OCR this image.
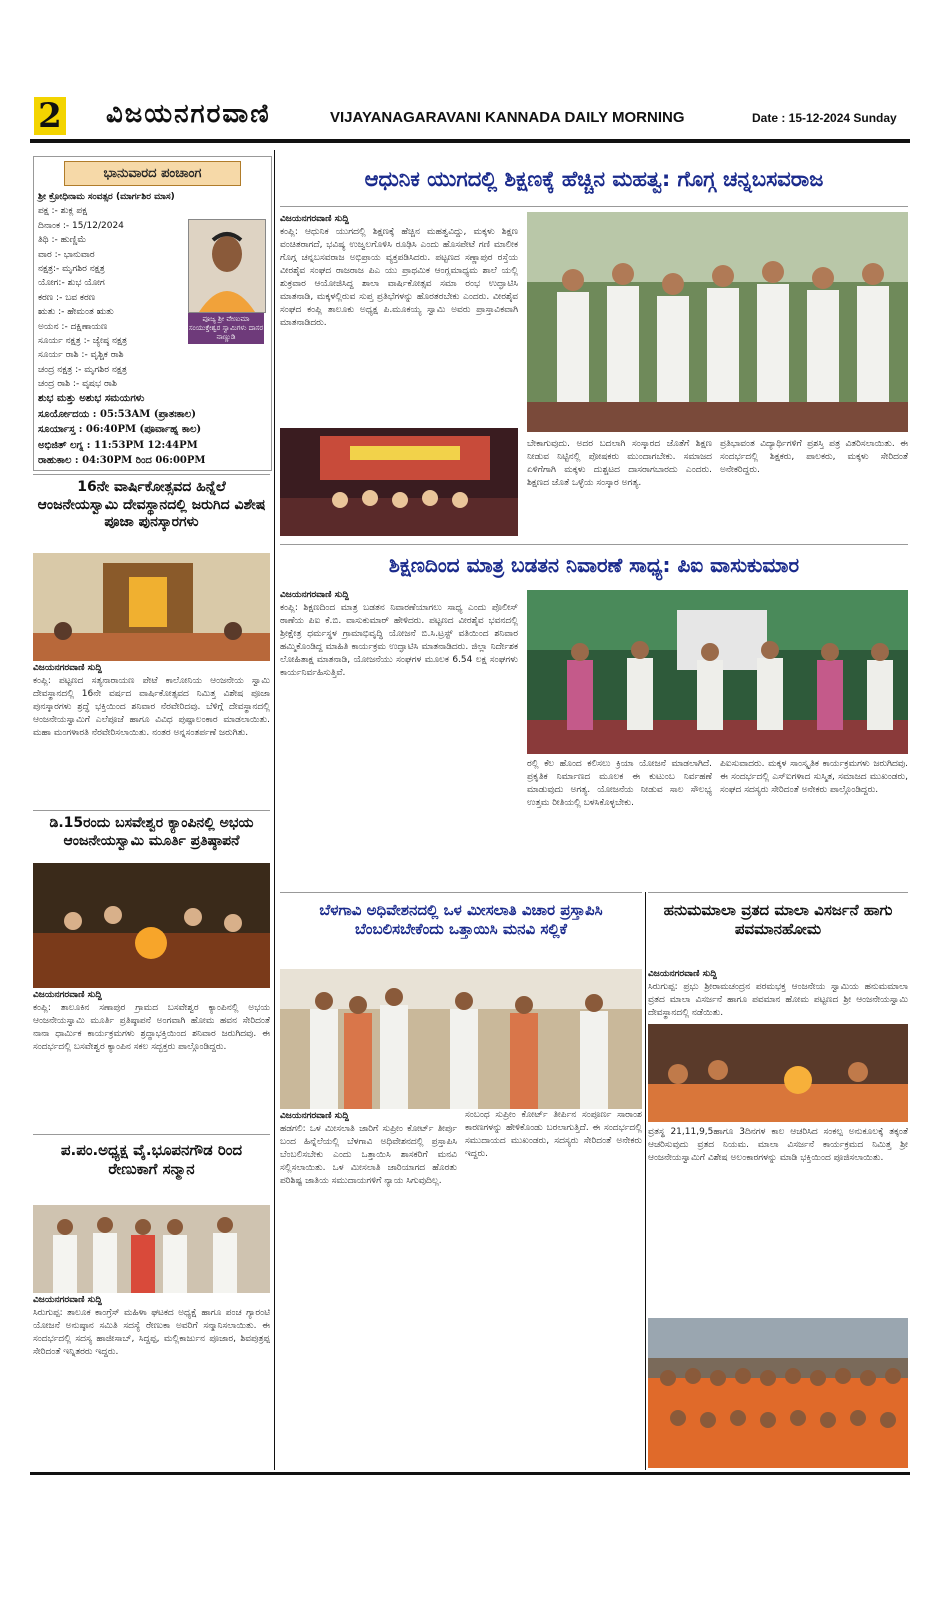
2 ವಿಜಯನಗರವಾಣಿ	VIJAYANAGARAVANI KANNADA DAILY MORNING	Date : 15-12-2024 Sunday
ಭಾನುವಾರದ ಪಂಚಾಂಗ

ಶ್ರೀ ಕ್ರೋಧಿನಾಮ ಸಂವತ್ಸರ (ಮಾರ್ಗಶಿರ ಮಾಸ)

ಪಕ್ಷ :- ಶುಕ್ಲ ಪಕ್ಷ

ದಿನಾಂಕ :- 15/12/2024

ತಿಥಿ :- ಹುಣ್ಣಿಮೆ

ವಾರ :- ಭಾನುವಾರ

ನಕ್ಷತ್ರ:- ಮೃಗಶಿರ ನಕ್ಷತ್ರ

ಯೋಗ:- ಶುಭ ಯೋಗ

ಕರಣ :- ಬವ ಕರಣ

ಋತು :- ಹೇಮಂತ ಋತು

ಅಯನ :- ದಕ್ಷಿಣಾಯಣ

ಸೂರ್ಯ ನಕ್ಷತ್ರ :- ಜ್ಯೇಷ್ಠ ನಕ್ಷತ್ರ

ಸೂರ್ಯ ರಾಶಿ :- ವೃಶ್ಚಿಕ ರಾಶಿ

ಚಂದ್ರ ನಕ್ಷತ್ರ :- ಮೃಗಶಿರ ನಕ್ಷತ್ರ

ಚಂದ್ರ ರಾಶಿ :- ವೃಷಭ ರಾಶಿ

ಶುಭ ಮತ್ತು ಅಶುಭ ಸಮಯಗಳು

ಸೂರ್ಯೋದಯ : 05:53AM (ಪ್ರಾತಃಕಾಲ)

ಸೂರ್ಯಾಸ್ತ : 06:40PM (ಪೂರ್ವಾಹ್ನ ಕಾಲ)

ಅಭಿಜಿತ್ ಲಗ್ನ : 11:53PM 12:44PM

ರಾಹುಕಾಲ : 04:30PM ರಿಂದ 06:00PM

ಪೂಜ್ಯ ಶ್ರೀ ವೇಣುಮಾ ಸಂಯುಕ್ತೇಶ್ವರ ಸ್ವಾಮಿಗಳು ದಾಸರ ನಾಣ್ಣುಡಿ
ಆಧುನಿಕ ಯುಗದಲ್ಲಿ ಶಿಕ್ಷಣಕ್ಕೆ ಹೆಚ್ಚಿನ ಮಹತ್ವ: ಗೊಗ್ಗ ಚನ್ನಬಸವರಾಜ
ವಿಜಯನಗರವಾಣಿ ಸುದ್ದಿ

ಕಂಪ್ಲಿ: ಆಧುನಿಕ ಯುಗದಲ್ಲಿ ಶಿಕ್ಷಣಕ್ಕೆ ಹೆಚ್ಚಿನ ಮಹತ್ವವಿದ್ದು, ಮಕ್ಕಳು ಶಿಕ್ಷಣ ವಂಚಿತರಾಗದೆ, ಭವಿಷ್ಯ ಉಜ್ವಲಗೊಳಿಸಿ ರೂಢಿಸಿ ಎಂದು ಹೊಸಪೇಟೆ ಗಣಿ ಮಾಲೀಕ ಗೊಗ್ಗ ಚನ್ನಬಸವರಾಜ ಅಭಿಪ್ರಾಯ ವ್ಯಕ್ತಪಡಿಸಿದರು. ಪಟ್ಟಣದ ಸಣ್ಣಾಪುರ ರಸ್ತೆಯ ವೀರಶೈವ ಸಂಘದ ರಾಜರಾಜ ಪಿಎ ಯು ಪ್ರಾಥಮಿಕ ಆಂಗ್ಲಮಾಧ್ಯಮ ಶಾಲೆ ಯಲ್ಲಿ ಶುಕ್ರವಾರ ಆಯೋಜಿಸಿದ್ದ ಶಾಲಾ ವಾರ್ಷಿಕೋತ್ಸವ ಸಮಾ ರಂಭ ಉದ್ಘಾಟಿಸಿ ಮಾತನಾಡಿ, ಮಕ್ಕಳಲ್ಲಿರುವ ಸುಪ್ತ ಪ್ರತಿಭೆಗಳನ್ನು ಹೊರತರಬೇಕು ಎಂದರು. ವೀರಶೈವ ಸಂಘದ ಕಂಪ್ಲಿ ತಾಲೂಕು ಅಧ್ಯಕ್ಷ ಪಿ.ಮೂಕಯ್ಯ ಸ್ವಾಮಿ ಅವರು ಪ್ರಾಸ್ತಾವಿಕವಾಗಿ ಮಾತನಾಡಿದರು.

ಬೇಕಾಗುವುದು. ಅದರ ಬದಲಾಗಿ ಸಂಸ್ಕಾರದ ಜೊತೆಗೆ ಶಿಕ್ಷಣ ನೀಡುವ ನಿಟ್ಟಿನಲ್ಲಿ ಪೋಷಕರು ಮುಂದಾಗಬೇಕು. ಸಮಾಜದ ಏಳಿಗೆಗಾಗಿ ಮಕ್ಕಳು ದುಶ್ಚಟದ ದಾಸರಾಗಬಾರದು ಎಂದರು. ಶಿಕ್ಷಣದ ಜೊತೆ ಒಳ್ಳೆಯ ಸಂಸ್ಕಾರ ಅಗತ್ಯ.

ಪ್ರತಿಭಾವಂತ ವಿದ್ಯಾರ್ಥಿಗಳಿಗೆ ಪ್ರಶಸ್ತಿ ಪತ್ರ ವಿತರಿಸಲಾಯಿತು. ಈ ಸಂದರ್ಭದಲ್ಲಿ ಶಿಕ್ಷಕರು, ಪಾಲಕರು, ಮಕ್ಕಳು ಸೇರಿದಂತೆ ಅನೇಕರಿದ್ದರು.

16ನೇ ವಾರ್ಷಿಕೋತ್ಸವದ ಹಿನ್ನೆಲೆ ಆಂಜನೇಯಸ್ವಾಮಿ ದೇವಸ್ಥಾನದಲ್ಲಿ ಜರುಗಿದ ವಿಶೇಷ ಪೂಜಾ ಪುನಸ್ಕಾರಗಳು
ವಿಜಯನಗರವಾಣಿ ಸುದ್ದಿ

ಕಂಪ್ಲಿ: ಪಟ್ಟಣದ ಸತ್ಯನಾರಾಯಣ ಪೇಟೆ ಕಾಲೋನಿಯ ಆಂಜನೇಯ ಸ್ವಾಮಿ ದೇವಸ್ಥಾನದಲ್ಲಿ 16ನೇ ವರ್ಷದ ವಾರ್ಷಿಕೋತ್ಸವದ ನಿಮಿತ್ತ ವಿಶೇಷ ಪೂಜಾ ಪುನಸ್ಕಾರಗಳು ಶ್ರದ್ಧೆ ಭಕ್ತಿಯಿಂದ ಶನಿವಾರ ನೆರವೇರಿದವು. ಬೆಳಿಗ್ಗೆ ದೇವಸ್ಥಾನದಲ್ಲಿ ಆಂಜನೇಯಸ್ವಾಮಿಗೆ ಎಲೆಪೂಜೆ ಹಾಗೂ ವಿವಿಧ ಪುಷ್ಪಾಲಂಕಾರ ಮಾಡಲಾಯಿತು. ಮಹಾ ಮಂಗಳಾರತಿ ನೆರವೇರಿಸಲಾಯಿತು. ನಂತರ ಅನ್ನಸಂತರ್ಪಣೆ ಜರುಗಿತು.

ಡಿ.15ರಂದು ಬಸವೇಶ್ವರ ಕ್ಯಾಂಪಿನಲ್ಲಿ ಅಭಯ ಆಂಜನೇಯಸ್ವಾಮಿ ಮೂರ್ತಿ ಪ್ರತಿಷ್ಠಾಪನೆ
ವಿಜಯನಗರವಾಣಿ ಸುದ್ದಿ

ಕಂಪ್ಲಿ: ತಾಲೂಕಿನ ಸಣಾಪುರ ಗ್ರಾಮದ ಬಸವೇಶ್ವರ ಕ್ಯಾಂಪಿನಲ್ಲಿ ಅಭಯ ಆಂಜನೇಯಸ್ವಾಮಿ ಮೂರ್ತಿ ಪ್ರತಿಷ್ಠಾಪನೆ ಅಂಗವಾಗಿ ಹೋಮ ಹವನ ಸೇರಿದಂತೆ ನಾನಾ ಧಾರ್ಮಿಕ ಕಾರ್ಯಕ್ರಮಗಳು ಶ್ರದ್ಧಾಭಕ್ತಿಯಿಂದ ಶನಿವಾರ ಜರುಗಿದವು. ಈ ಸಂದರ್ಭದಲ್ಲಿ ಬಸವೇಶ್ವರ ಕ್ಯಾಂಪಿನ ಸಕಲ ಸದ್ಭಕ್ತರು ಪಾಲ್ಗೊಂಡಿದ್ದರು.

ಪ.ಪಂ.ಅಧ್ಯಕ್ಷ ವೈ.ಭೂಪನಗೌಡ ರಿಂದ ರೇಣುಕಾಗೆ ಸನ್ಮಾನ
ವಿಜಯನಗರವಾಣಿ ಸುದ್ದಿ

ಸಿರುಗುಪ್ಪ: ತಾಲೂಕ ಕಾಂಗ್ರೆಸ್ ಮಹಿಳಾ ಘಟಕದ ಅಧ್ಯಕ್ಷೆ ಹಾಗೂ ಪಂಚ ಗ್ಯಾರಂಟಿ ಯೋಜನೆ ಅನುಷ್ಠಾನ ಸಮಿತಿ ಸದಸ್ಯೆ ರೇಣುಕಾ ಅವರಿಗೆ ಸನ್ಮಾನಿಸಲಾಯಿತು. ಈ ಸಂದರ್ಭದಲ್ಲಿ ಸದಸ್ಯ ಹಾಜೀಸಾಬ್, ಸಿದ್ದಪ್ಪ, ಮಲ್ಲಿಕಾರ್ಜುನ ಪೂಜಾರ, ಶಿವಪುತ್ರಪ್ಪ ಸೇರಿದಂತೆ ಇನ್ನಿತರರು ಇದ್ದರು.

ಶಿಕ್ಷಣದಿಂದ ಮಾತ್ರ ಬಡತನ ನಿವಾರಣೆ ಸಾಧ್ಯ: ಪಿಐ ವಾಸುಕುಮಾರ
ವಿಜಯನಗರವಾಣಿ ಸುದ್ದಿ

ಕಂಪ್ಲಿ: ಶಿಕ್ಷಣದಿಂದ ಮಾತ್ರ ಬಡತನ ನಿವಾರಣೆಯಾಗಲು ಸಾಧ್ಯ ಎಂದು ಪೊಲೀಸ್ ಠಾಣೆಯ ಪಿಐ ಕೆ.ಬಿ. ವಾಸುಕುಮಾರ್ ಹೇಳಿದರು. ಪಟ್ಟಣದ ವೀರಶೈವ ಭವನದಲ್ಲಿ ಶ್ರೀಕ್ಷೇತ್ರ ಧರ್ಮಸ್ಥಳ ಗ್ರಾಮಾಭಿವೃದ್ಧಿ ಯೋಜನೆ ಬಿ.ಸಿ.ಟ್ರಸ್ಟ್ ವತಿಯಿಂದ ಶನಿವಾರ ಹಮ್ಮಿಕೊಂಡಿದ್ದ ಮಾಹಿತಿ ಕಾರ್ಯಕ್ರಮ ಉದ್ಘಾಟಿಸಿ ಮಾತನಾಡಿದರು. ಜಿಲ್ಲಾ ನಿರ್ದೇಶಕ ಲೋಹಿತಾಕ್ಷ ಮಾತನಾಡಿ, ಯೋಜನೆಯು ಸಂಘಗಳ ಮೂಲಕ 6.54 ಲಕ್ಷ ಸಂಘಗಳು ಕಾರ್ಯನಿರ್ವಹಿಸುತ್ತಿವೆ.

ರಲ್ಲಿ ಕೆಲ ಹೊಂದ ಕಲಿಸಲು ಕ್ರಿಯಾ ಯೋಜನೆ ಮಾಡಲಾಗಿದೆ. ಪ್ರಕೃತಿಕ ನಿರ್ಮಾಣದ ಮೂಲಕ ಈ ಕುಟುಂಬ ನಿರ್ವಹಣೆ ಮಾಡುವುದು ಅಗತ್ಯ. ಯೋಜನೆಯ ನೀಡುವ ಸಾಲ ಸೌಲಭ್ಯ ಉತ್ತಮ ರೀತಿಯಲ್ಲಿ ಬಳಸಿಕೊಳ್ಳಬೇಕು.

ಪಿಐಸುವಾದರು. ಮಕ್ಕಳ ಸಾಂಸ್ಕೃತಿಕ ಕಾರ್ಯಕ್ರಮಗಳು ಜರುಗಿದವು. ಈ ಸಂದರ್ಭದಲ್ಲಿ ಎಸ್ಐಗಳಾದ ಸುಸ್ಮಿತ, ಸಮಾಜದ ಮುಖಂಡರು, ಸಂಘದ ಸದಸ್ಯರು ಸೇರಿದಂತೆ ಅನೇಕರು ಪಾಲ್ಗೊಂಡಿದ್ದರು.

ಬೆಳಗಾವಿ ಅಧಿವೇಶನದಲ್ಲಿ ಒಳ ಮೀಸಲಾತಿ ವಿಚಾರ ಪ್ರಸ್ತಾಪಿಸಿ ಬೆಂಬಲಿಸಬೇಕೆಂದು ಒತ್ತಾಯಿಸಿ ಮನವಿ ಸಲ್ಲಿಕೆ
ವಿಜಯನಗರವಾಣಿ ಸುದ್ದಿ

ಹಡಗಲಿ: ಒಳ ಮೀಸಲಾತಿ ಜಾರಿಗೆ ಸುಪ್ರೀಂ ಕೋರ್ಟ್ ತೀರ್ಪು ಬಂದ ಹಿನ್ನೆಲೆಯಲ್ಲಿ ಬೆಳಗಾವಿ ಅಧಿವೇಶನದಲ್ಲಿ ಪ್ರಸ್ತಾಪಿಸಿ ಬೆಂಬಲಿಸಬೇಕು ಎಂದು ಒತ್ತಾಯಿಸಿ ಶಾಸಕರಿಗೆ ಮನವಿ ಸಲ್ಲಿಸಲಾಯಿತು. ಒಳ ಮೀಸಲಾತಿ ಜಾರಿಯಾಗದ ಹೊರತು ಪರಿಶಿಷ್ಟ ಜಾತಿಯ ಸಮುದಾಯಗಳಿಗೆ ನ್ಯಾಯ ಸಿಗುವುದಿಲ್ಲ.

ಸಂಬಂಧ ಸುಪ್ರೀಂ ಕೋರ್ಟ್ ತೀರ್ಪಿನ ಸಂಪೂರ್ಣ ಸಾರಾಂಶ ಕಾರಣಗಳನ್ನು ಹೇಳಿಕೊಂಡು ಬರಲಾಗುತ್ತಿದೆ. ಈ ಸಂದರ್ಭದಲ್ಲಿ ಸಮುದಾಯದ ಮುಖಂಡರು, ಸದಸ್ಯರು ಸೇರಿದಂತೆ ಅನೇಕರು ಇದ್ದರು.

ಹನುಮಮಾಲಾ ವ್ರತದ ಮಾಲಾ ವಿಸರ್ಜನೆ ಹಾಗು ಪವಮಾನಹೋಮ
ವಿಜಯನಗರವಾಣಿ ಸುದ್ದಿ

ಸಿರುಗುಪ್ಪ: ಪ್ರಭು ಶ್ರೀರಾಮಚಂದ್ರನ ಪರಮಭಕ್ತ ಆಂಜನೇಯ ಸ್ವಾಮಿಯ ಹನುಮಮಾಲಾ ವ್ರತದ ಮಾಲಾ ವಿಸರ್ಜನೆ ಹಾಗೂ ಪವಮಾನ ಹೋಮ ಪಟ್ಟಣದ ಶ್ರೀ ಆಂಜನೇಯಸ್ವಾಮಿ ದೇವಸ್ಥಾನದಲ್ಲಿ ನಡೆಯಿತು.

ವ್ರತಸ್ಥ 21,11,9,5ಹಾಗೂ 3ದಿನಗಳ ಕಾಲ ಆಚರಿಸಿದ ಸಂಕಲ್ಪ ಅನುಕೂಲಕ್ಕೆ ತಕ್ಕಂತೆ ಆಚರಿಸುವುದು ವ್ರತದ ನಿಯಮ. ಮಾಲಾ ವಿಸರ್ಜನೆ ಕಾರ್ಯಕ್ರಮದ ನಿಮಿತ್ತ ಶ್ರೀ ಆಂಜನೇಯಸ್ವಾಮಿಗೆ ವಿಶೇಷ ಅಲಂಕಾರಗಳನ್ನು ಮಾಡಿ ಭಕ್ತಿಯಿಂದ ಪೂಜಿಸಲಾಯಿತು.
